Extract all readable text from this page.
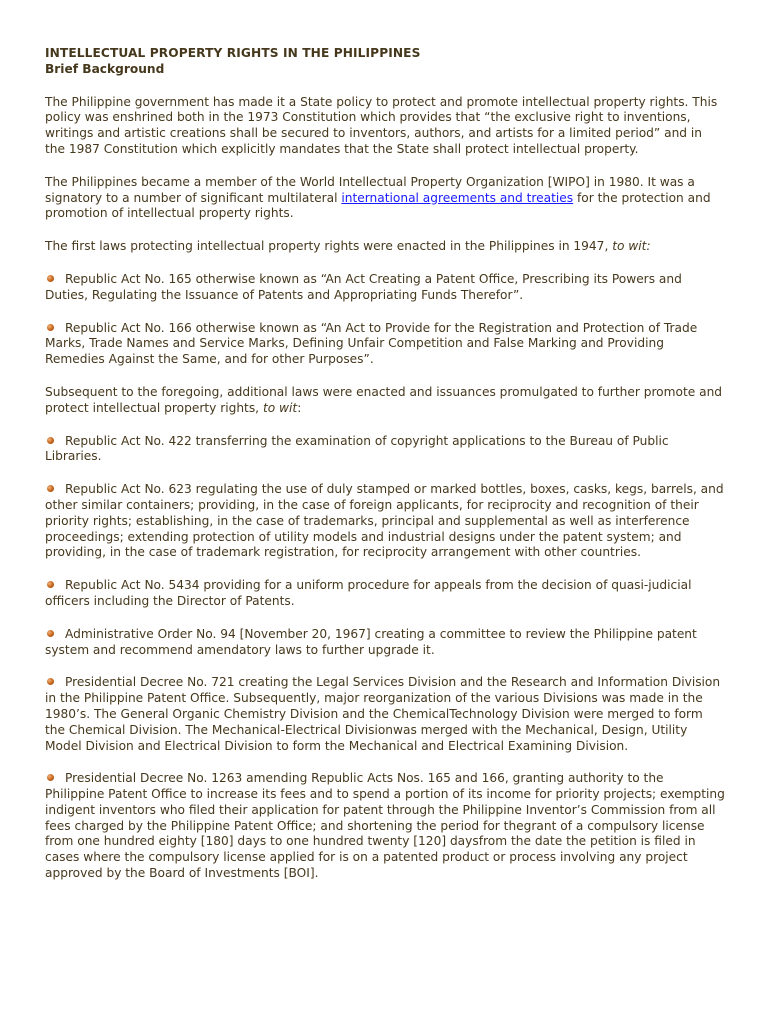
INTELLECTUAL PROPERTY RIGHTS IN THE PHILIPPINES
Brief Background

The Philippine government has made it a State policy to protect and promote intellectual property rights. This policy was enshrined both in the 1973 Constitution which provides that “the exclusive right to inventions, writings and artistic creations shall be secured to inventors, authors, and artists for a limited period” and in the 1987 Constitution which explicitly mandates that the State shall protect intellectual property.

The Philippines became a member of the World Intellectual Property Organization [WIPO] in 1980. It was a signatory to a number of significant multilateral international agreements and treaties for the protection and promotion of intellectual property rights.

The first laws protecting intellectual property rights were enacted in the Philippines in 1947, to wit:

Republic Act No. 165 otherwise known as “An Act Creating a Patent Office, Prescribing its Powers and Duties, Regulating the Issuance of Patents and Appropriating Funds Therefor”.

Republic Act No. 166 otherwise known as “An Act to Provide for the Registration and Protection of Trade Marks, Trade Names and Service Marks, Defining Unfair Competition and False Marking and Providing Remedies Against the Same, and for other Purposes”.

Subsequent to the foregoing, additional laws were enacted and issuances promulgated to further promote and protect intellectual property rights, to wit:

Republic Act No. 422 transferring the examination of copyright applications to the Bureau of Public Libraries.

Republic Act No. 623 regulating the use of duly stamped or marked bottles, boxes, casks, kegs, barrels, and other similar containers; providing, in the case of foreign applicants, for reciprocity and recognition of their priority rights; establishing, in the case of trademarks, principal and supplemental as well as interference proceedings; extending protection of utility models and industrial designs under the patent system; and providing, in the case of trademark registration, for reciprocity arrangement with other countries.

Republic Act No. 5434 providing for a uniform procedure for appeals from the decision of quasi-judicial officers including the Director of Patents.

Administrative Order No. 94 [November 20, 1967] creating a committee to review the Philippine patent system and recommend amendatory laws to further upgrade it.

Presidential Decree No. 721 creating the Legal Services Division and the Research and Information Division in the Philippine Patent Office. Subsequently, major reorganization of the various Divisions was made in the 1980’s. The General Organic Chemistry Division and the ChemicalTechnology Division were merged to form the Chemical Division. The Mechanical-Electrical Divisionwas merged with the Mechanical, Design, Utility Model Division and Electrical Division to form the Mechanical and Electrical Examining Division.

Presidential Decree No. 1263 amending Republic Acts Nos. 165 and 166, granting authority to the Philippine Patent Office to increase its fees and to spend a portion of its income for priority projects; exempting indigent inventors who filed their application for patent through the Philippine Inventor’s Commission from all fees charged by the Philippine Patent Office; and shortening the period for thegrant of a compulsory license from one hundred eighty [180] days to one hundred twenty [120] daysfrom the date the petition is filed in cases where the compulsory license applied for is on a patented product or process involving any project approved by the Board of Investments [BOI].
